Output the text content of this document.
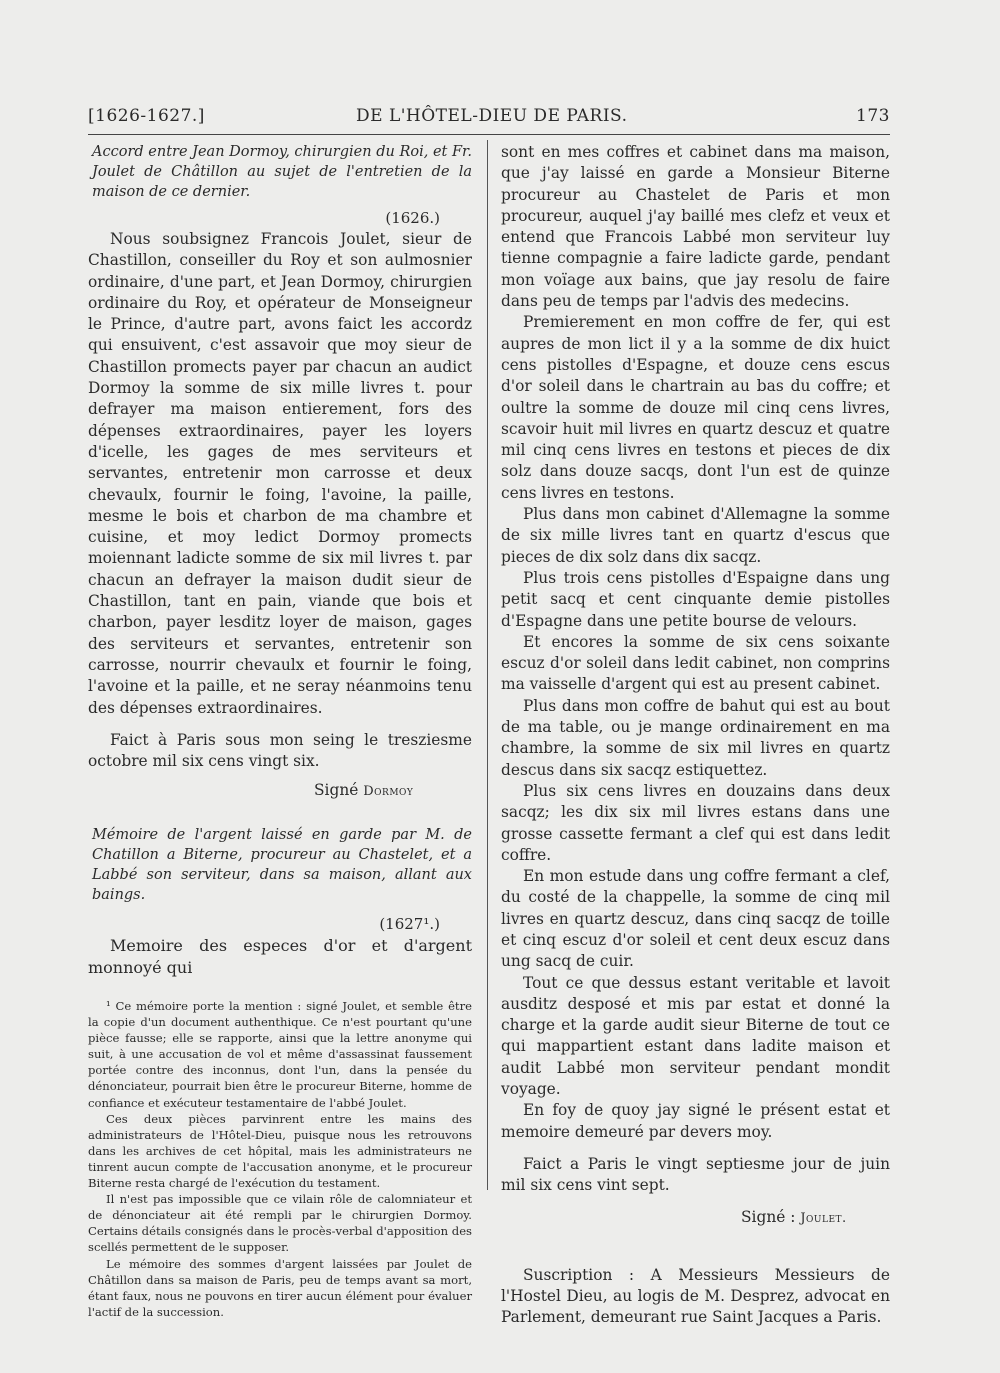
[1626-1627.]	DE L'HÔTEL-DIEU DE PARIS.	173

Accord entre Jean Dormoy, chirurgien du Roi, et Fr. Joulet de Châtillon au sujet de l'entretien de la maison de ce dernier.

(1626.)

Nous soubsignez Francois Joulet, sieur de Chastillon, conseiller du Roy et son aulmosnier ordinaire, d'une part, et Jean Dormoy, chirurgien ordinaire du Roy, et opérateur de Monseigneur le Prince, d'autre part, avons faict les accordz qui ensuivent, c'est assavoir que moy sieur de Chastillon promects payer par chacun an audict Dormoy la somme de six mille livres t. pour defrayer ma maison entierement, fors des dépenses extraordinaires, payer les loyers d'icelle, les gages de mes serviteurs et servantes, entretenir mon carrosse et deux chevaulx, fournir le foing, l'avoine, la paille, mesme le bois et charbon de ma chambre et cuisine, et moy ledict Dormoy promects moiennant ladicte somme de six mil livres t. par chacun an defrayer la maison dudit sieur de Chastillon, tant en pain, viande que bois et charbon, payer lesditz loyer de maison, gages des serviteurs et servantes, entretenir son carrosse, nourrir chevaulx et fournir le foing, l'avoine et la paille, et ne seray néanmoins tenu des dépenses extraordinaires.

Faict à Paris sous mon seing le tresziesme octobre mil six cens vingt six.

Signé Dormoy

Mémoire de l'argent laissé en garde par M. de Chatillon a Biterne, procureur au Chastelet, et a Labbé son serviteur, dans sa maison, allant aux baings.

(1627¹.)

Memoire des especes d'or et d'argent monnoyé qui

¹ Ce mémoire porte la mention : signé Joulet, et semble être la copie d'un document authenthique. Ce n'est pourtant qu'une pièce fausse; elle se rapporte, ainsi que la lettre anonyme qui suit, à une accusation de vol et même d'assassinat faussement portée contre des inconnus, dont l'un, dans la pensée du dénonciateur, pourrait bien être le procureur Biterne, homme de confiance et exécuteur testamentaire de l'abbé Joulet.

Ces deux pièces parvinrent entre les mains des administrateurs de l'Hôtel-Dieu, puisque nous les retrouvons dans les archives de cet hôpital, mais les administrateurs ne tinrent aucun compte de l'accusation anonyme, et le procureur Biterne resta chargé de l'exécution du testament.

Il n'est pas impossible que ce vilain rôle de calomniateur et de dénonciateur ait été rempli par le chirurgien Dormoy. Certains détails consignés dans le procès-verbal d'apposition des scellés permettent de le supposer.

Le mémoire des sommes d'argent laissées par Joulet de Châtillon dans sa maison de Paris, peu de temps avant sa mort, étant faux, nous ne pouvons en tirer aucun élément pour évaluer l'actif de la succession.

sont en mes coffres et cabinet dans ma maison, que j'ay laissé en garde a Monsieur Biterne procureur au Chastelet de Paris et mon procureur, auquel j'ay baillé mes clefz et veux et entend que Francois Labbé mon serviteur luy tienne compagnie a faire ladicte garde, pendant mon voïage aux bains, que jay resolu de faire dans peu de temps par l'advis des medecins.

Premierement en mon coffre de fer, qui est aupres de mon lict il y a la somme de dix huict cens pistolles d'Espagne, et douze cens escus d'or soleil dans le chartrain au bas du coffre; et oultre la somme de douze mil cinq cens livres, scavoir huit mil livres en quartz descuz et quatre mil cinq cens livres en testons et pieces de dix solz dans douze sacqs, dont l'un est de quinze cens livres en testons.

Plus dans mon cabinet d'Allemagne la somme de six mille livres tant en quartz d'escus que pieces de dix solz dans dix sacqz.

Plus trois cens pistolles d'Espaigne dans ung petit sacq et cent cinquante demie pistolles d'Espagne dans une petite bourse de velours.

Et encores la somme de six cens soixante escuz d'or soleil dans ledit cabinet, non comprins ma vaisselle d'argent qui est au present cabinet.

Plus dans mon coffre de bahut qui est au bout de ma table, ou je mange ordinairement en ma chambre, la somme de six mil livres en quartz descus dans six sacqz estiquettez.

Plus six cens livres en douzains dans deux sacqz; les dix six mil livres estans dans une grosse cassette fermant a clef qui est dans ledit coffre.

En mon estude dans ung coffre fermant a clef, du costé de la chappelle, la somme de cinq mil livres en quartz descuz, dans cinq sacqz de toille et cinq escuz d'or soleil et cent deux escuz dans ung sacq de cuir.

Tout ce que dessus estant veritable et lavoit ausditz desposé et mis par estat et donné la charge et la garde audit sieur Biterne de tout ce qui mappartient estant dans ladite maison et audit Labbé mon serviteur pendant mondit voyage.

En foy de quoy jay signé le présent estat et memoire demeuré par devers moy.

Faict a Paris le vingt septiesme jour de juin mil six cens vint sept.

Signé : Joulet.

Suscription : A Messieurs Messieurs de l'Hostel Dieu, au logis de M. Desprez, advocat en Parlement, demeurant rue Saint Jacques a Paris.
